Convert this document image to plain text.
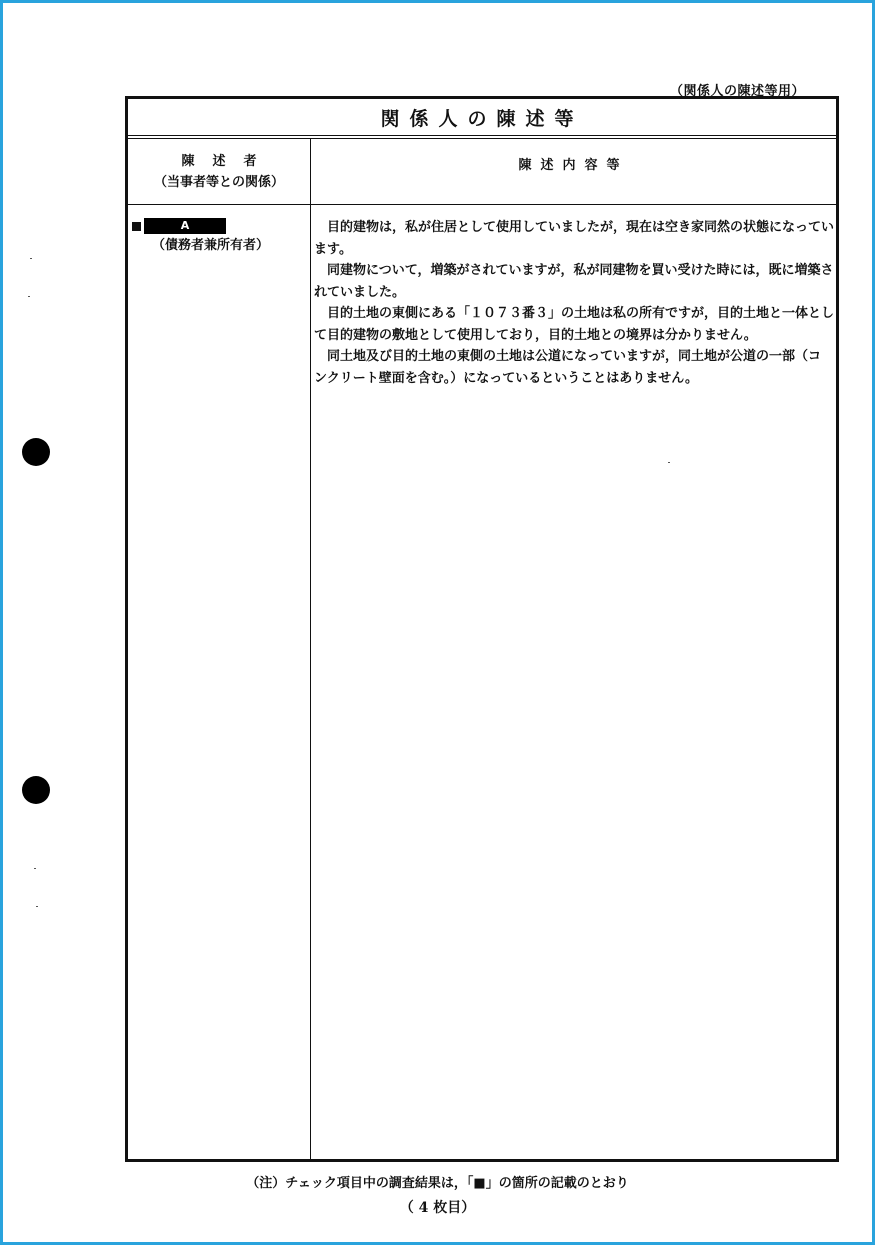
（関係人の陳述等用）
関係人の陳述等
陳述者
（当事者等との関係）
陳述内容等
A
（債務者兼所有者）

目的建物は，私が住居として使用していましたが，現在は空き家同然の状態になっています。

同建物について，増築がされていますが，私が同建物を買い受けた時には，既に増築されていました。

目的土地の東側にある「１０７３番３」の土地は私の所有ですが，目的土地と一体として目的建物の敷地として使用しており，目的土地との境界は分かりません。

同土地及び目的土地の東側の土地は公道になっていますが，同土地が公道の一部（コンクリート壁面を含む。）になっているということはありません。

（注）チェック項目中の調査結果は，「■」の箇所の記載のとおり
（ 4 枚目）
